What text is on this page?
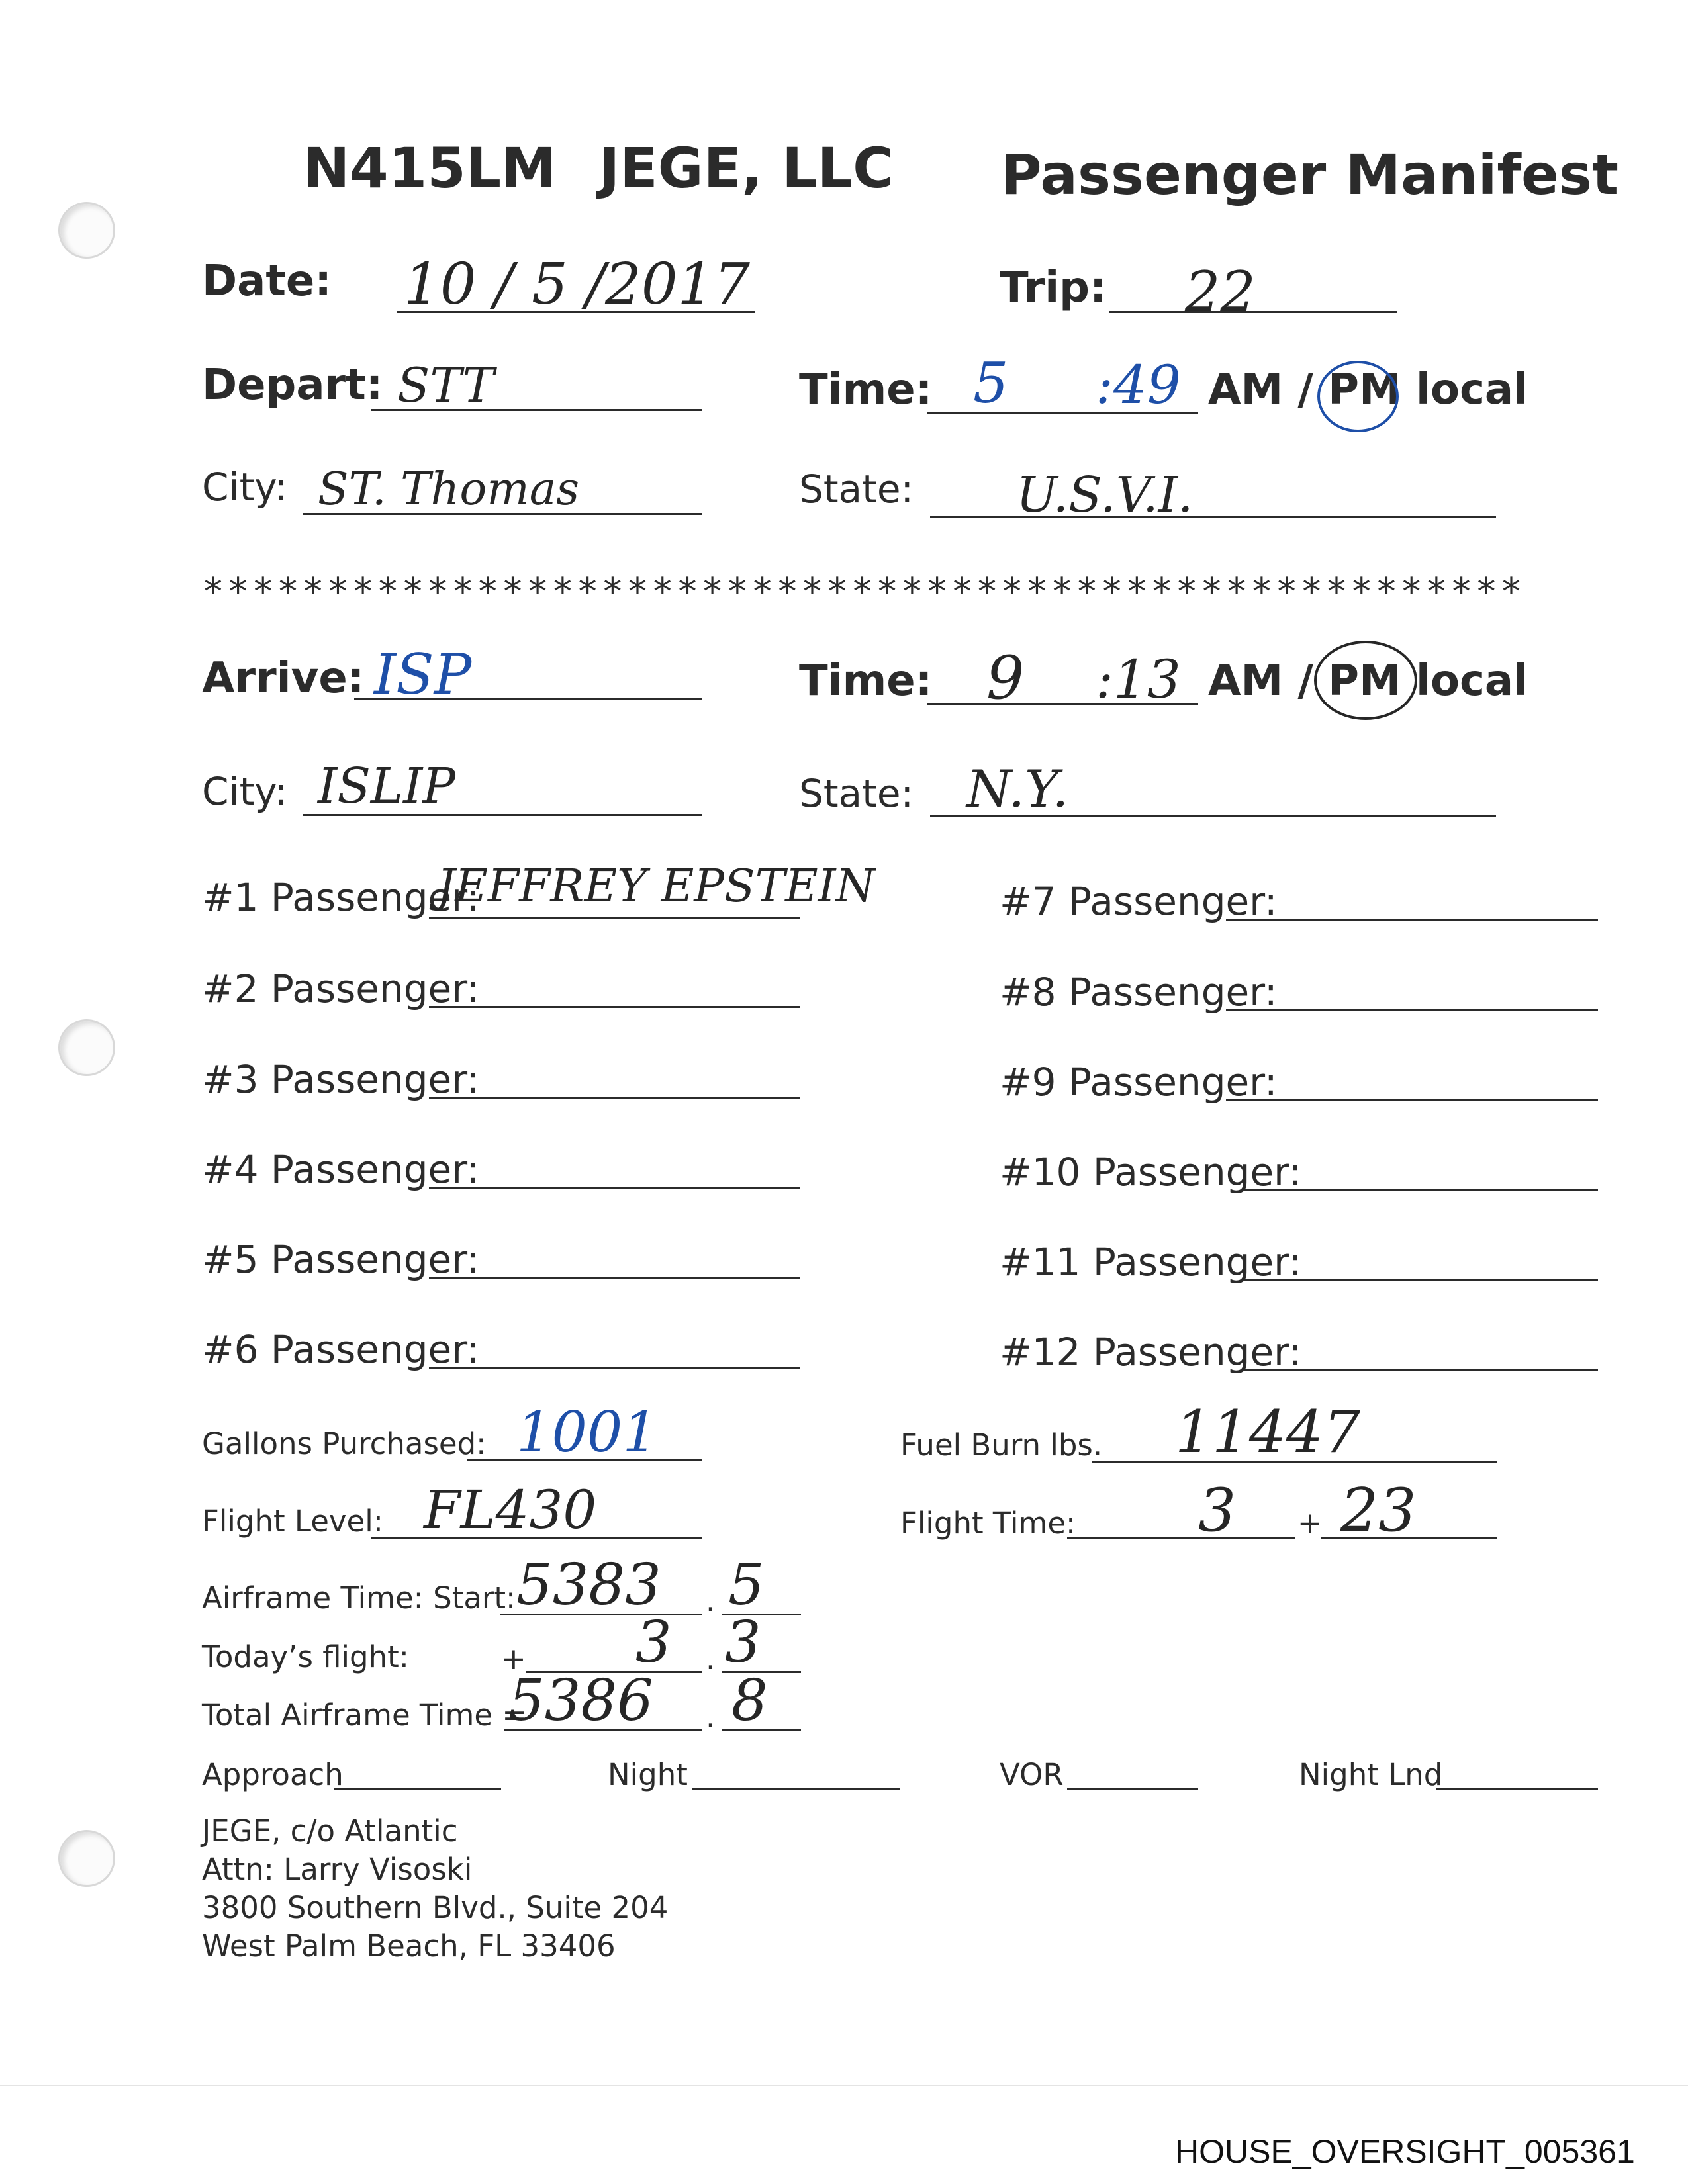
N415LM JEGE, LLC Passenger Manifest
Date: 10 / 5 /2017	Trip: 22
Depart: STT	Time: 5 :49 AM / PM local
City: ST. Thomas	State: U.S.V.I.
*****************************************************
Arrive: ISP	Time: 9 :13 AM / PM local
City: ISLIP	State: N.Y.
#1 Passenger:
JEFFREY EPSTEIN
#2 Passenger:
#3 Passenger:
#4 Passenger:
#5 Passenger:
#6 Passenger:
#7 Passenger:
#8 Passenger:
#9 Passenger:
#10 Passenger:
#11 Passenger:
#12 Passenger:
Gallons Purchased: 1001	Fuel Burn lbs. 11447
Flight Level: FL430	Flight Time: 3 + 23
Airframe Time: Start: 5383 . 5
Today’s flight:	+ 3 . 3
Total Airframe Time =
5386 . 8
Approach	Night	VOR	Night Lnd
JEGE, c/o Atlantic
Attn: Larry Visoski
3800 Southern Blvd., Suite 204
West Palm Beach, FL 33406
HOUSE_OVERSIGHT_005361
